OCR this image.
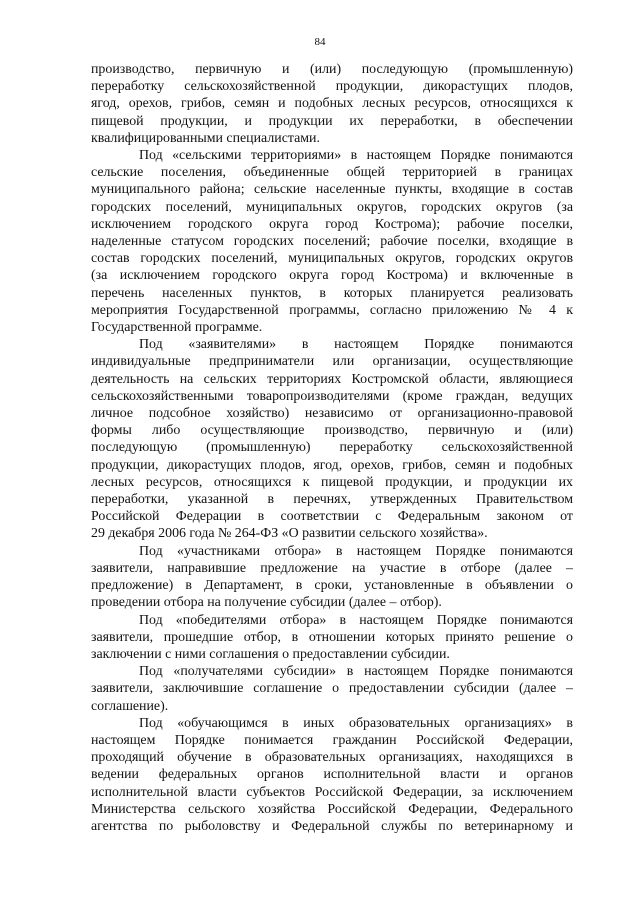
84

производство, первичную и (или) последующую (промышленную)
переработку сельскохозяйственной продукции, дикорастущих плодов,
ягод, орехов, грибов, семян и подобных лесных ресурсов, относящихся к
пищевой продукции, и продукции их переработки, в обеспечении
квалифицированными специалистами.

Под «сельскими территориями» в настоящем Порядке понимаются
сельские поселения, объединенные общей территорией в границах
муниципального района; сельские населенные пункты, входящие в состав
городских поселений, муниципальных округов, городских округов (за
исключением городского округа город Кострома); рабочие поселки,
наделенные статусом городских поселений; рабочие поселки, входящие в
состав городских поселений, муниципальных округов, городских округов
(за исключением городского округа город Кострома) и включенные в
перечень населенных пунктов, в которых планируется реализовать
мероприятия Государственной программы, согласно приложению № 4 к
Государственной программе.

Под «заявителями» в настоящем Порядке понимаются
индивидуальные предприниматели или организации, осуществляющие
деятельность на сельских территориях Костромской области, являющиеся
сельскохозяйственными товаропроизводителями (кроме граждан, ведущих
личное подсобное хозяйство) независимо от организационно-правовой
формы либо осуществляющие производство, первичную и (или)
последующую (промышленную) переработку сельскохозяйственной
продукции, дикорастущих плодов, ягод, орехов, грибов, семян и подобных
лесных ресурсов, относящихся к пищевой продукции, и продукции их
переработки, указанной в перечнях, утвержденных Правительством
Российской Федерации в соответствии с Федеральным законом от
29 декабря 2006 года № 264-ФЗ «О развитии сельского хозяйства».

Под «участниками отбора» в настоящем Порядке понимаются
заявители, направившие предложение на участие в отборе (далее –
предложение) в Департамент, в сроки, установленные в объявлении о
проведении отбора на получение субсидии (далее – отбор).

Под «победителями отбора» в настоящем Порядке понимаются
заявители, прошедшие отбор, в отношении которых принято решение о
заключении с ними соглашения о предоставлении субсидии.

Под «получателями субсидии» в настоящем Порядке понимаются
заявители, заключившие соглашение о предоставлении субсидии (далее –
соглашение).

Под «обучающимся в иных образовательных организациях» в
настоящем Порядке понимается гражданин Российской Федерации,
проходящий обучение в образовательных организациях, находящихся в
ведении федеральных органов исполнительной власти и органов
исполнительной власти субъектов Российской Федерации, за исключением
Министерства сельского хозяйства Российской Федерации, Федерального
агентства по рыболовству и Федеральной службы по ветеринарному и
